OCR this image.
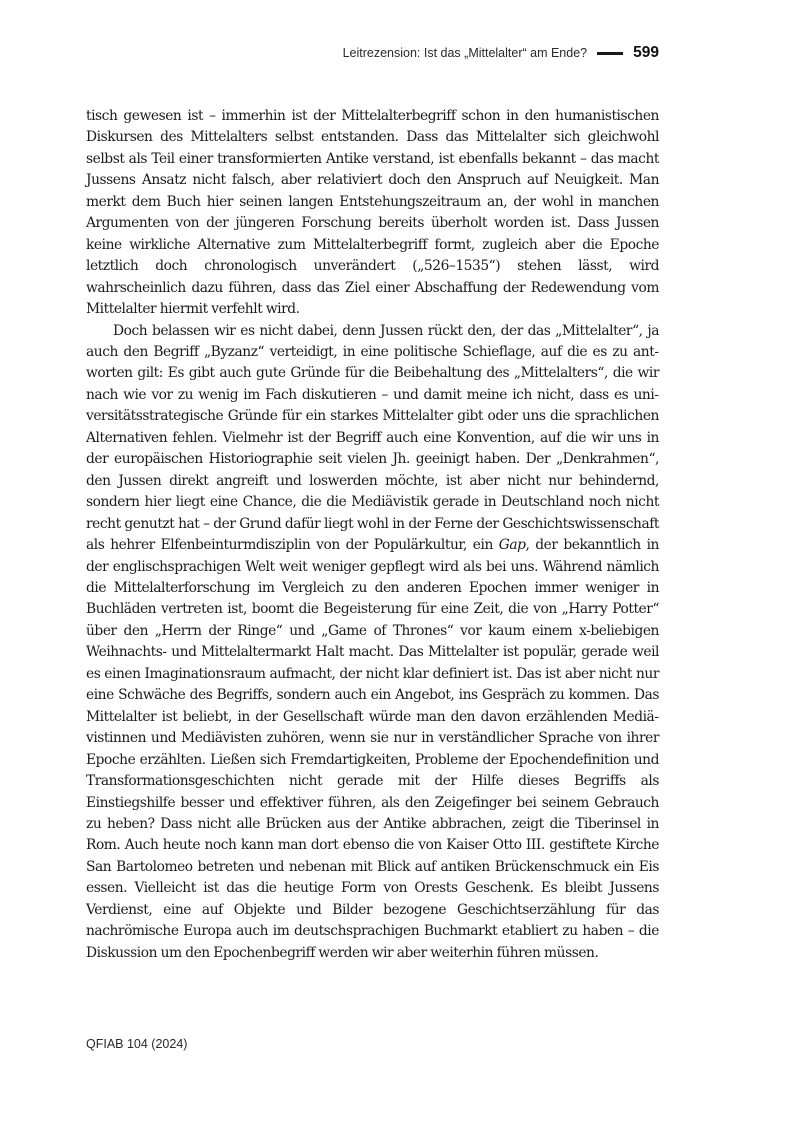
Leitrezension: Ist das „Mittelalter“ am Ende?	599

tisch gewesen ist – immerhin ist der Mittelalterbegriff schon in den humanistischen Diskursen des Mittelalters selbst entstanden. Dass das Mittelalter sich gleichwohl selbst als Teil einer transformierten Antike verstand, ist ebenfalls bekannt – das macht Jussens Ansatz nicht falsch, aber relativiert doch den Anspruch auf Neuigkeit. Man merkt dem Buch hier seinen langen Entstehungszeitraum an, der wohl in manchen Argumenten von der jüngeren Forschung bereits überholt worden ist. Dass Jussen keine wirkliche Alternative zum Mittelalterbegriff formt, zugleich aber die Epoche letztlich doch chronologisch unverändert („526–1535“) stehen lässt, wird wahrscheinlich dazu führen, dass das Ziel einer Abschaffung der Redewendung vom Mittelalter hiermit verfehlt wird.

Doch belassen wir es nicht dabei, denn Jussen rückt den, der das „Mittelalter“, ja auch den Begriff „Byzanz“ verteidigt, in eine politische Schieflage, auf die es zu antworten gilt: Es gibt auch gute Gründe für die Beibehaltung des „Mittelalters“, die wir nach wie vor zu wenig im Fach diskutieren – und damit meine ich nicht, dass es universitätsstrategische Gründe für ein starkes Mittelalter gibt oder uns die sprachlichen Alternativen fehlen. Vielmehr ist der Begriff auch eine Konvention, auf die wir uns in der europäischen Historiographie seit vielen Jh. geeinigt haben. Der „Denkrahmen“, den Jussen direkt angreift und loswerden möchte, ist aber nicht nur behindernd, sondern hier liegt eine Chance, die die Mediävistik gerade in Deutschland noch nicht recht genutzt hat – der Grund dafür liegt wohl in der Ferne der Geschichtswissenschaft als hehrer Elfenbeinturmdisziplin von der Populärkultur, ein Gap, der bekanntlich in der englischsprachigen Welt weit weniger gepflegt wird als bei uns. Während nämlich die Mittelalterforschung im Vergleich zu den anderen Epochen immer weniger in Buchläden vertreten ist, boomt die Begeisterung für eine Zeit, die von „Harry Potter“ über den „Herrn der Ringe“ und „Game of Thrones“ vor kaum einem x-beliebigen Weihnachts- und Mittelaltermarkt Halt macht. Das Mittelalter ist populär, gerade weil es einen Imaginationsraum aufmacht, der nicht klar definiert ist. Das ist aber nicht nur eine Schwäche des Begriffs, sondern auch ein Angebot, ins Gespräch zu kommen. Das Mittelalter ist beliebt, in der Gesellschaft würde man den davon erzählenden Mediävistinnen und Mediävisten zuhören, wenn sie nur in verständlicher Sprache von ihrer Epoche erzählten. Ließen sich Fremdartigkeiten, Probleme der Epochendefinition und Transformationsgeschichten nicht gerade mit der Hilfe dieses Begriffs als Einstiegshilfe besser und effektiver führen, als den Zeigefinger bei seinem Gebrauch zu heben? Dass nicht alle Brücken aus der Antike abbrachen, zeigt die Tiberinsel in Rom. Auch heute noch kann man dort ebenso die von Kaiser Otto III. gestiftete Kirche San Bartolomeo betreten und nebenan mit Blick auf antiken Brückenschmuck ein Eis essen. Vielleicht ist das die heutige Form von Orests Geschenk. Es bleibt Jussens Verdienst, eine auf Objekte und Bilder bezogene Geschichtserzählung für das nachrömische Europa auch im deutschsprachigen Buchmarkt etabliert zu haben – die Diskussion um den Epochenbegriff werden wir aber weiterhin führen müssen.

QFIAB 104 (2024)
